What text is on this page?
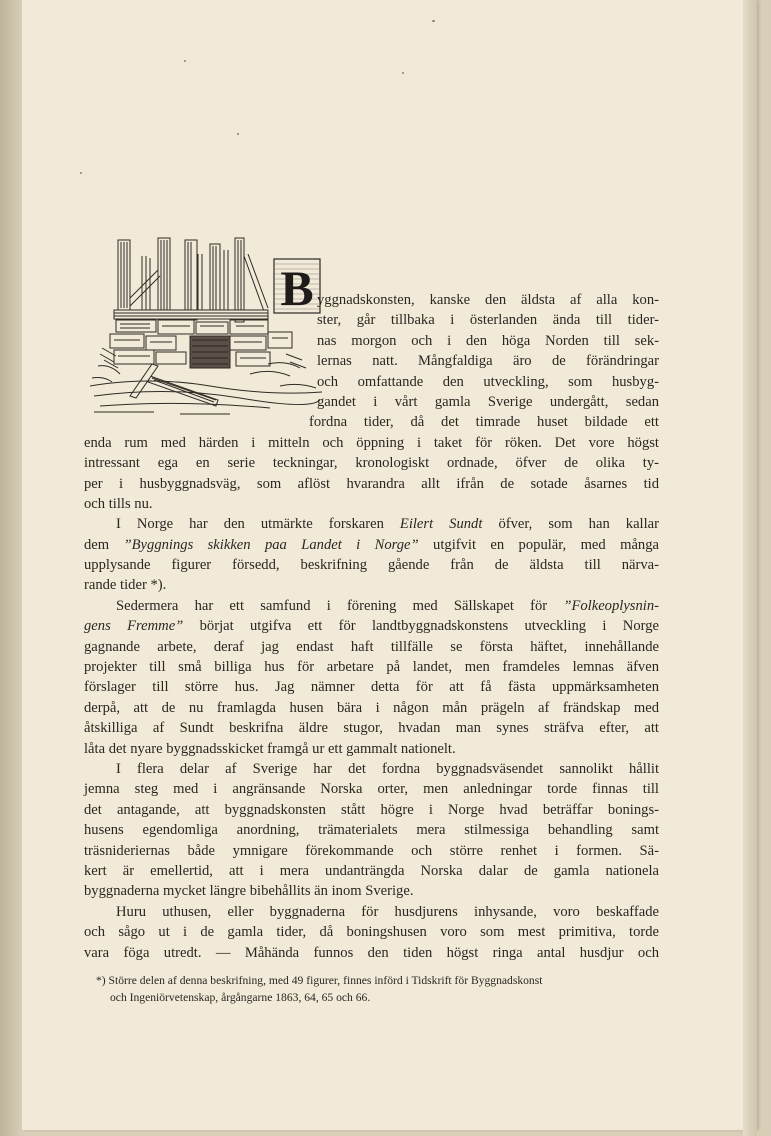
B yggnadskonsten, kanske den äldsta af alla kon-
ster, går tillbaka i österlanden ända till tider-
nas morgon och i den höga Norden till sek-
lernas natt. Mångfaldiga äro de förändringar
och omfattande den utveckling, som husbyg-
gandet i vårt gamla Sverige undergått, sedan
fordna tider, då det timrade huset bildade ett
enda rum med härden i mitteln och öppning i taket för röken. Det vore högst
intressant ega en serie teckningar, kronologiskt ordnade, öfver de olika ty-
per i husbyggnadsväg, som aflöst hvarandra allt ifrån de sotade åsarnes tid
och tills nu.
I Norge har den utmärkte forskaren Eilert Sundt öfver, som han kallar
dem ”Byggnings skikken paa Landet i Norge” utgifvit en populär, med många
upplysande figurer försedd, beskrifning gående från de äldsta till närva-
rande tider *).
Sedermera har ett samfund i förening med Sällskapet för ”Folkeoplysnin-
gens Fremme” börjat utgifva ett för landtbyggnadskonstens utveckling i Norge
gagnande arbete, deraf jag endast haft tillfälle se första häftet, innehållande
projekter till små billiga hus för arbetare på landet, men framdeles lemnas äfven
förslager till större hus. Jag nämner detta för att få fästa uppmärksamheten
derpå, att de nu framlagda husen bära i någon mån prägeln af frändskap med
åtskilliga af Sundt beskrifna äldre stugor, hvadan man synes sträfva efter, att
låta det nyare byggnadsskicket framgå ur ett gammalt nationelt.
I flera delar af Sverige har det fordna byggnadsväsendet sannolikt hållit
jemna steg med i angränsande Norska orter, men anledningar torde finnas till
det antagande, att byggnadskonsten stått högre i Norge hvad beträffar bonings-
husens egendomliga anordning, trämaterialets mera stilmessiga behandling samt
träsnideriernas både ymnigare förekommande och större renhet i formen. Sä-
kert är emellertid, att i mera undanträngda Norska dalar de gamla nationela
byggnaderna mycket längre bibehållits än inom Sverige.
Huru uthusen, eller byggnaderna för husdjurens inhysande, voro beskaffade
och sågo ut i de gamla tider, då boningshusen voro som mest primitiva, torde
vara föga utredt. — Måhända funnos den tiden högst ringa antal husdjur och
*) Större delen af denna beskrifning, med 49 figurer, finnes införd i Tidskrift för Byggnadskonst
och Ingeniörvetenskap, årgångarne 1863, 64, 65 och 66.
